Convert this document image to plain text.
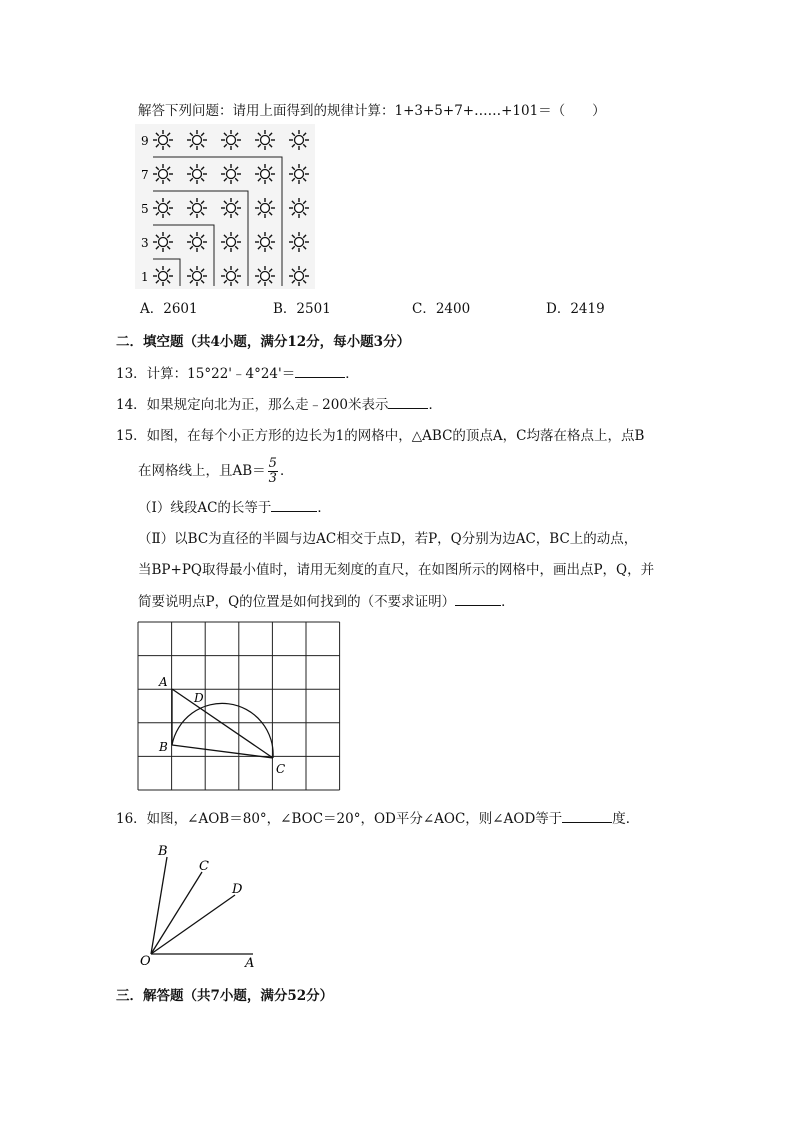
解答下列问题：请用上面得到的规律计算：1+3+5+7+……+101＝（　　）
9
7
5
3
1
A．2601	B．2501	C．2400	D．2419
二．填空题（共4小题，满分12分，每小题3分）
13．计算：15°22'﹣4°24'＝	．
14．如果规定向北为正，那么走﹣200米表示	．
15．如图，在每个小正方形的边长为1的网格中，△ABC的顶点A，C均落在格点上，点B
在网格线上，且$AB= \frac{5}{3}$ ．
（Ⅰ）线段AC的长等于	．
（Ⅱ）以BC为直径的半圆与边AC相交于点D，若P，Q分别为边AC，BC上的动点，
当BP+PQ取得最小值时，请用无刻度的直尺，在如图所示的网格中，画出点P，Q，并
简要说明点P，Q的位置是如何找到的（不要求证明）	．
A
D
B
C
16．如图，∠AOB＝80°，∠BOC＝20°，OD平分∠AOC，则∠AOD等于	度．
O	A
B
C
D
三．解答题（共7小题，满分52分）
